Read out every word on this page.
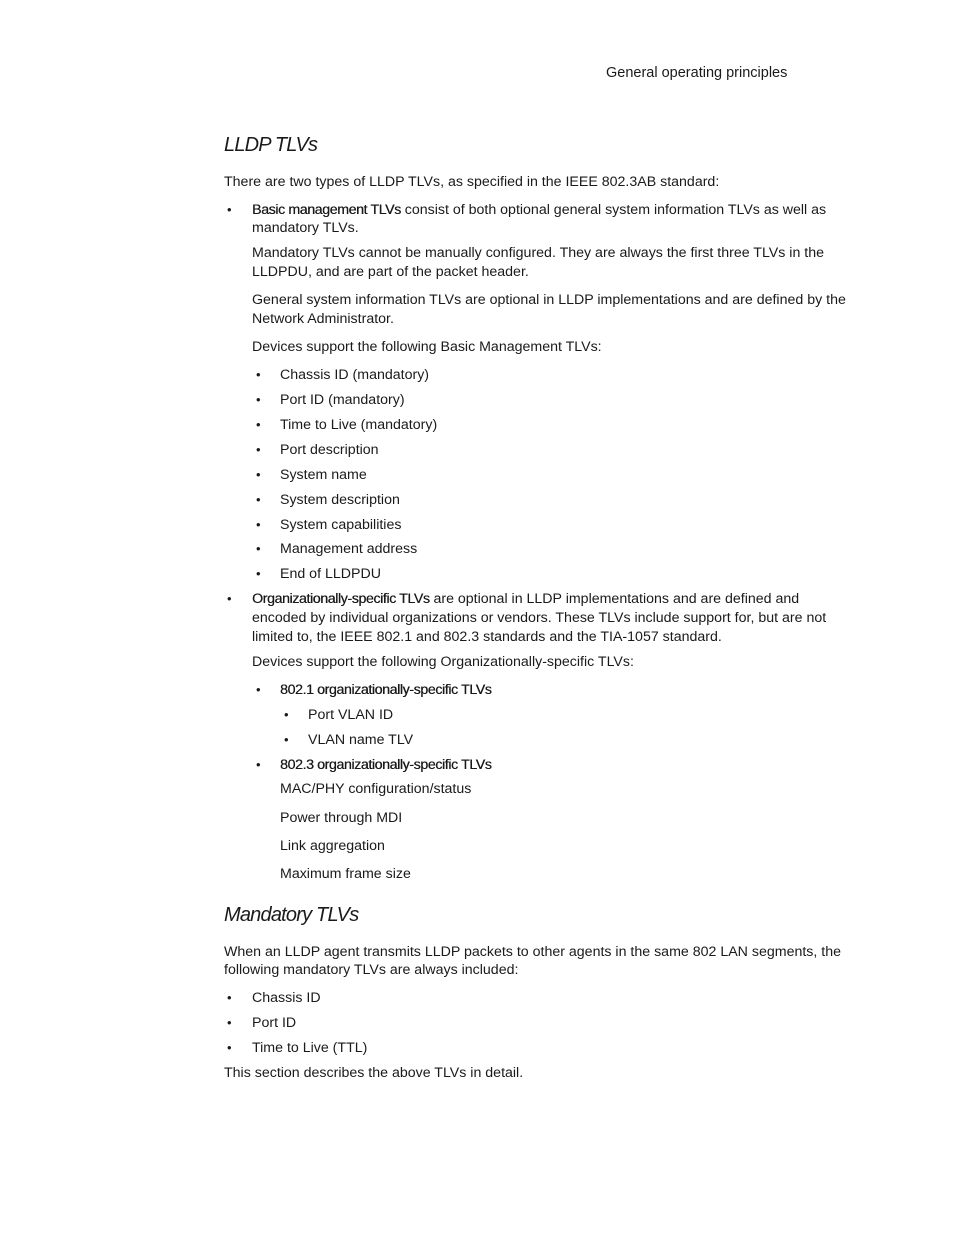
General operating principles
LLDP TLVs
There are two types of LLDP TLVs, as specified in the IEEE 802.3AB standard:
• Basic management TLVs consist of both optional general system information TLVs as well as
mandatory TLVs.
Mandatory TLVs cannot be manually configured. They are always the first three TLVs in the
LLDPDU, and are part of the packet header.
General system information TLVs are optional in LLDP implementations and are defined by the
Network Administrator.
Devices support the following Basic Management TLVs:
• Chassis ID (mandatory)
• Port ID (mandatory)
• Time to Live (mandatory)
• Port description
• System name
• System description
• System capabilities
• Management address
• End of LLDPDU
• Organizationally-specific TLVs are optional in LLDP implementations and are defined and
encoded by individual organizations or vendors. These TLVs include support for, but are not
limited to, the IEEE 802.1 and 802.3 standards and the TIA-1057 standard.
Devices support the following Organizationally-specific TLVs:
• 802.1 organizationally-specific TLVs
• Port VLAN ID
• VLAN name TLV
• 802.3 organizationally-specific TLVs
MAC/PHY configuration/status
Power through MDI
Link aggregation
Maximum frame size
Mandatory TLVs
When an LLDP agent transmits LLDP packets to other agents in the same 802 LAN segments, the
following mandatory TLVs are always included:
• Chassis ID
• Port ID
• Time to Live (TTL)
This section describes the above TLVs in detail.
